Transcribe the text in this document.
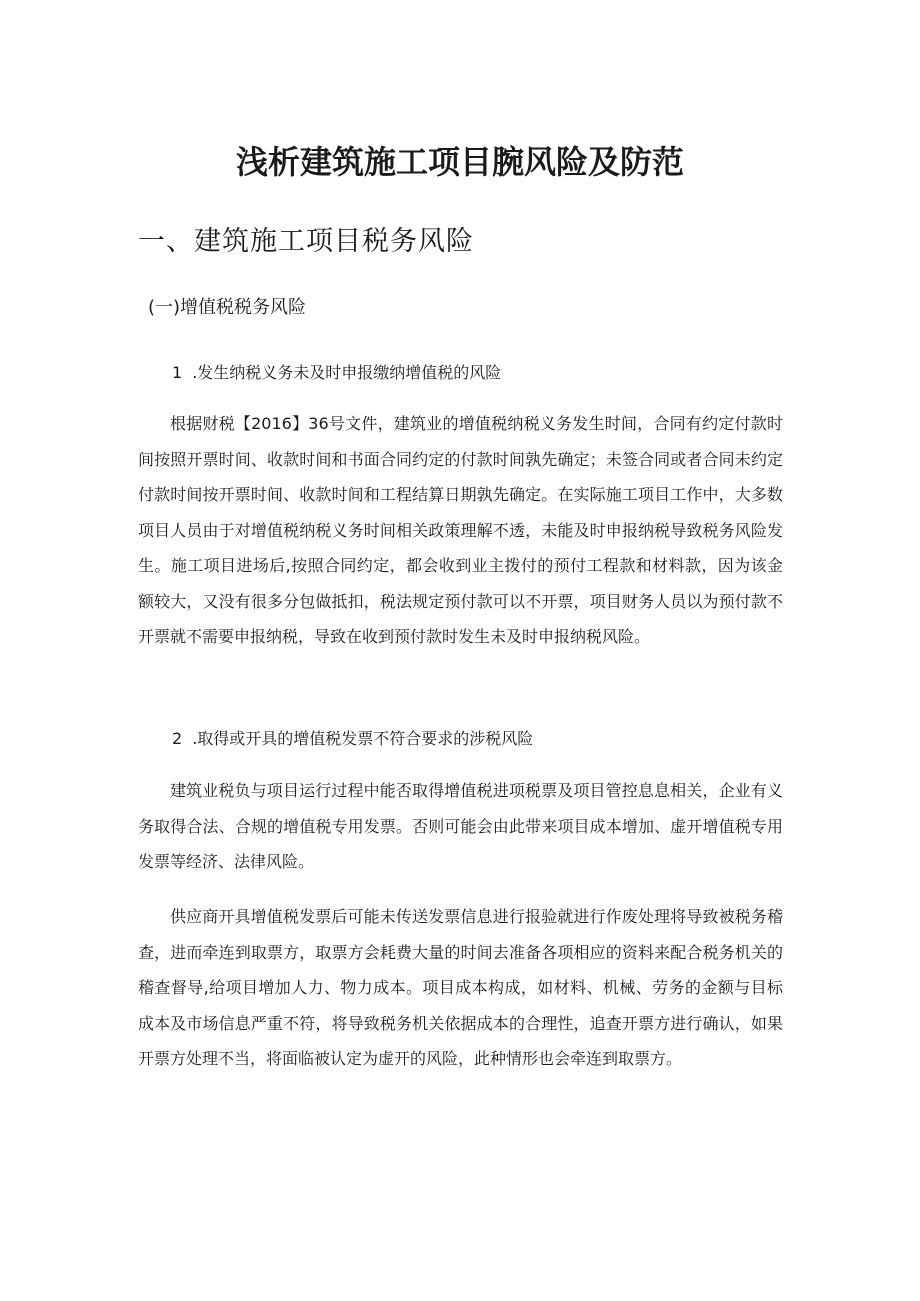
浅析建筑施工项目腕风险及防范
一、建筑施工项目税务风险
(一)增值税税务风险
1 .发生纳税义务未及时申报缴纳增值税的风险

根据财税【2016】36号文件，建筑业的增值税纳税义务发生时间，合同有约定付款时间按照开票时间、收款时间和书面合同约定的付款时间孰先确定；未签合同或者合同未约定付款时间按开票时间、收款时间和工程结算日期孰先确定。在实际施工项目工作中，大多数项目人员由于对增值税纳税义务时间相关政策理解不透，未能及时申报纳税导致税务风险发生。施工项目进场后,按照合同约定，都会收到业主拨付的预付工程款和材料款，因为该金额较大，又没有很多分包做抵扣，税法规定预付款可以不开票，项目财务人员以为预付款不开票就不需要申报纳税，导致在收到预付款时发生未及时申报纳税风险。

2 .取得或开具的增值税发票不符合要求的涉税风险

建筑业税负与项目运行过程中能否取得增值税进项税票及项目管控息息相关，企业有义务取得合法、合规的增值税专用发票。否则可能会由此带来项目成本增加、虚开增值税专用发票等经济、法律风险。

供应商开具增值税发票后可能未传送发票信息进行报验就进行作废处理将导致被税务稽查，进而牵连到取票方，取票方会耗费大量的时间去准备各项相应的资料来配合税务机关的稽查督导,给项目增加人力、物力成本。项目成本构成，如材料、机械、劳务的金额与目标成本及市场信息严重不符，将导致税务机关依据成本的合理性，追查开票方进行确认，如果开票方处理不当，将面临被认定为虚开的风险，此种情形也会牵连到取票方。
